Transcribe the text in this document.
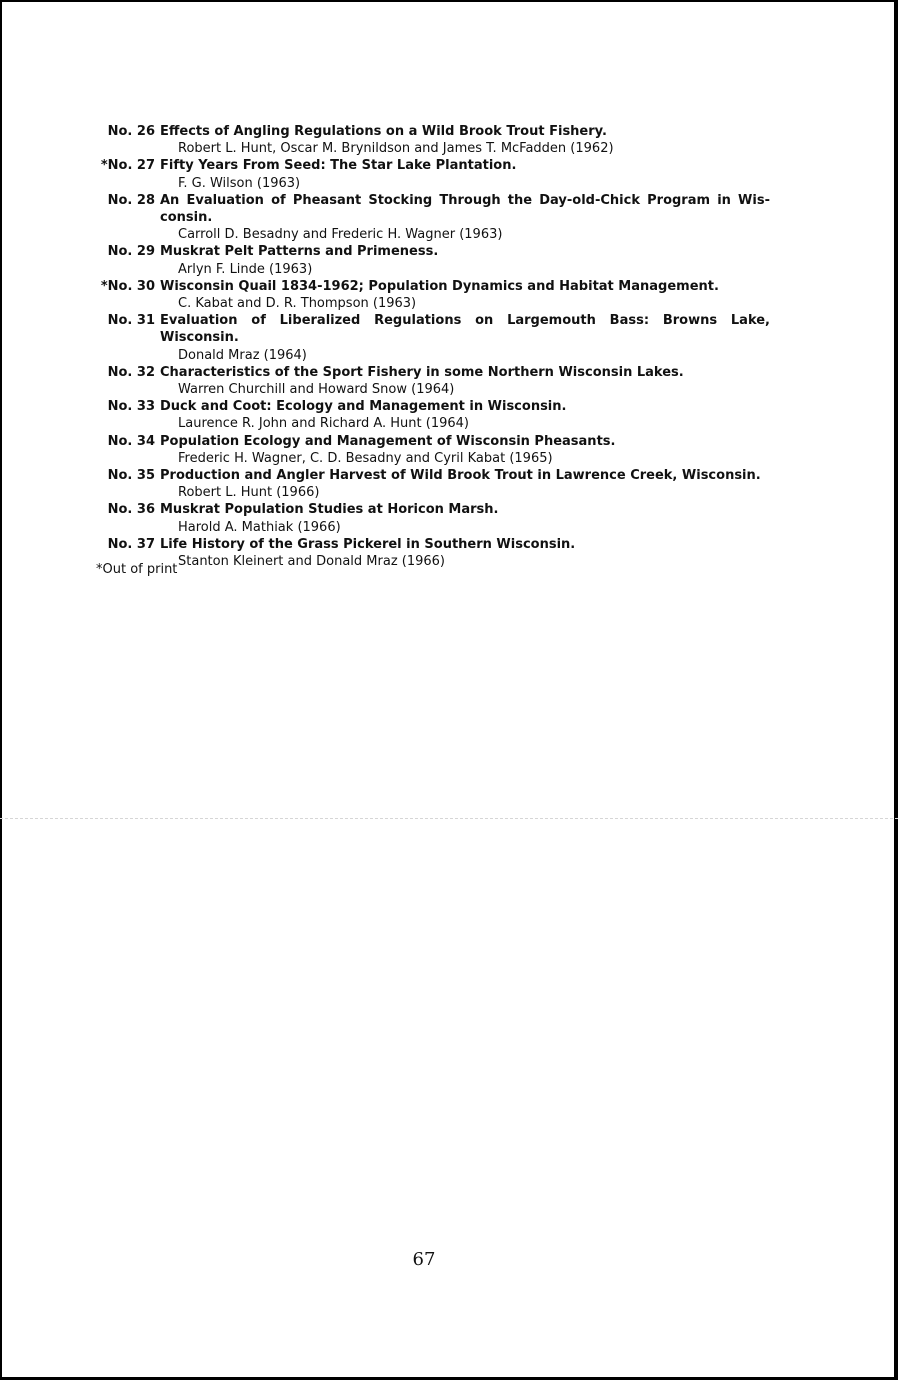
No. 26 Effects of Angling Regulations on a Wild Brook Trout Fishery.
Robert L. Hunt, Oscar M. Brynildson and James T. McFadden (1962)
*No. 27 Fifty Years From Seed: The Star Lake Plantation.
F. G. Wilson (1963)
No. 28 An Evaluation of Pheasant Stocking Through the Day-old-Chick Program in Wis-consin.
Carroll D. Besadny and Frederic H. Wagner (1963)
No. 29 Muskrat Pelt Patterns and Primeness.
Arlyn F. Linde (1963)
*No. 30 Wisconsin Quail 1834-1962; Population Dynamics and Habitat Management.
C. Kabat and D. R. Thompson (1963)
No. 31 Evaluation of Liberalized Regulations on Largemouth Bass: Browns Lake, Wisconsin.
Donald Mraz (1964)
No. 32 Characteristics of the Sport Fishery in some Northern Wisconsin Lakes.
Warren Churchill and Howard Snow (1964)
No. 33 Duck and Coot: Ecology and Management in Wisconsin.
Laurence R. John and Richard A. Hunt (1964)
No. 34 Population Ecology and Management of Wisconsin Pheasants.
Frederic H. Wagner, C. D. Besadny and Cyril Kabat (1965)
No. 35 Production and Angler Harvest of Wild Brook Trout in Lawrence Creek, Wisconsin.
Robert L. Hunt (1966)
No. 36 Muskrat Population Studies at Horicon Marsh.
Harold A. Mathiak (1966)
No. 37 Life History of the Grass Pickerel in Southern Wisconsin.
Stanton Kleinert and Donald Mraz (1966)
*Out of print
67
